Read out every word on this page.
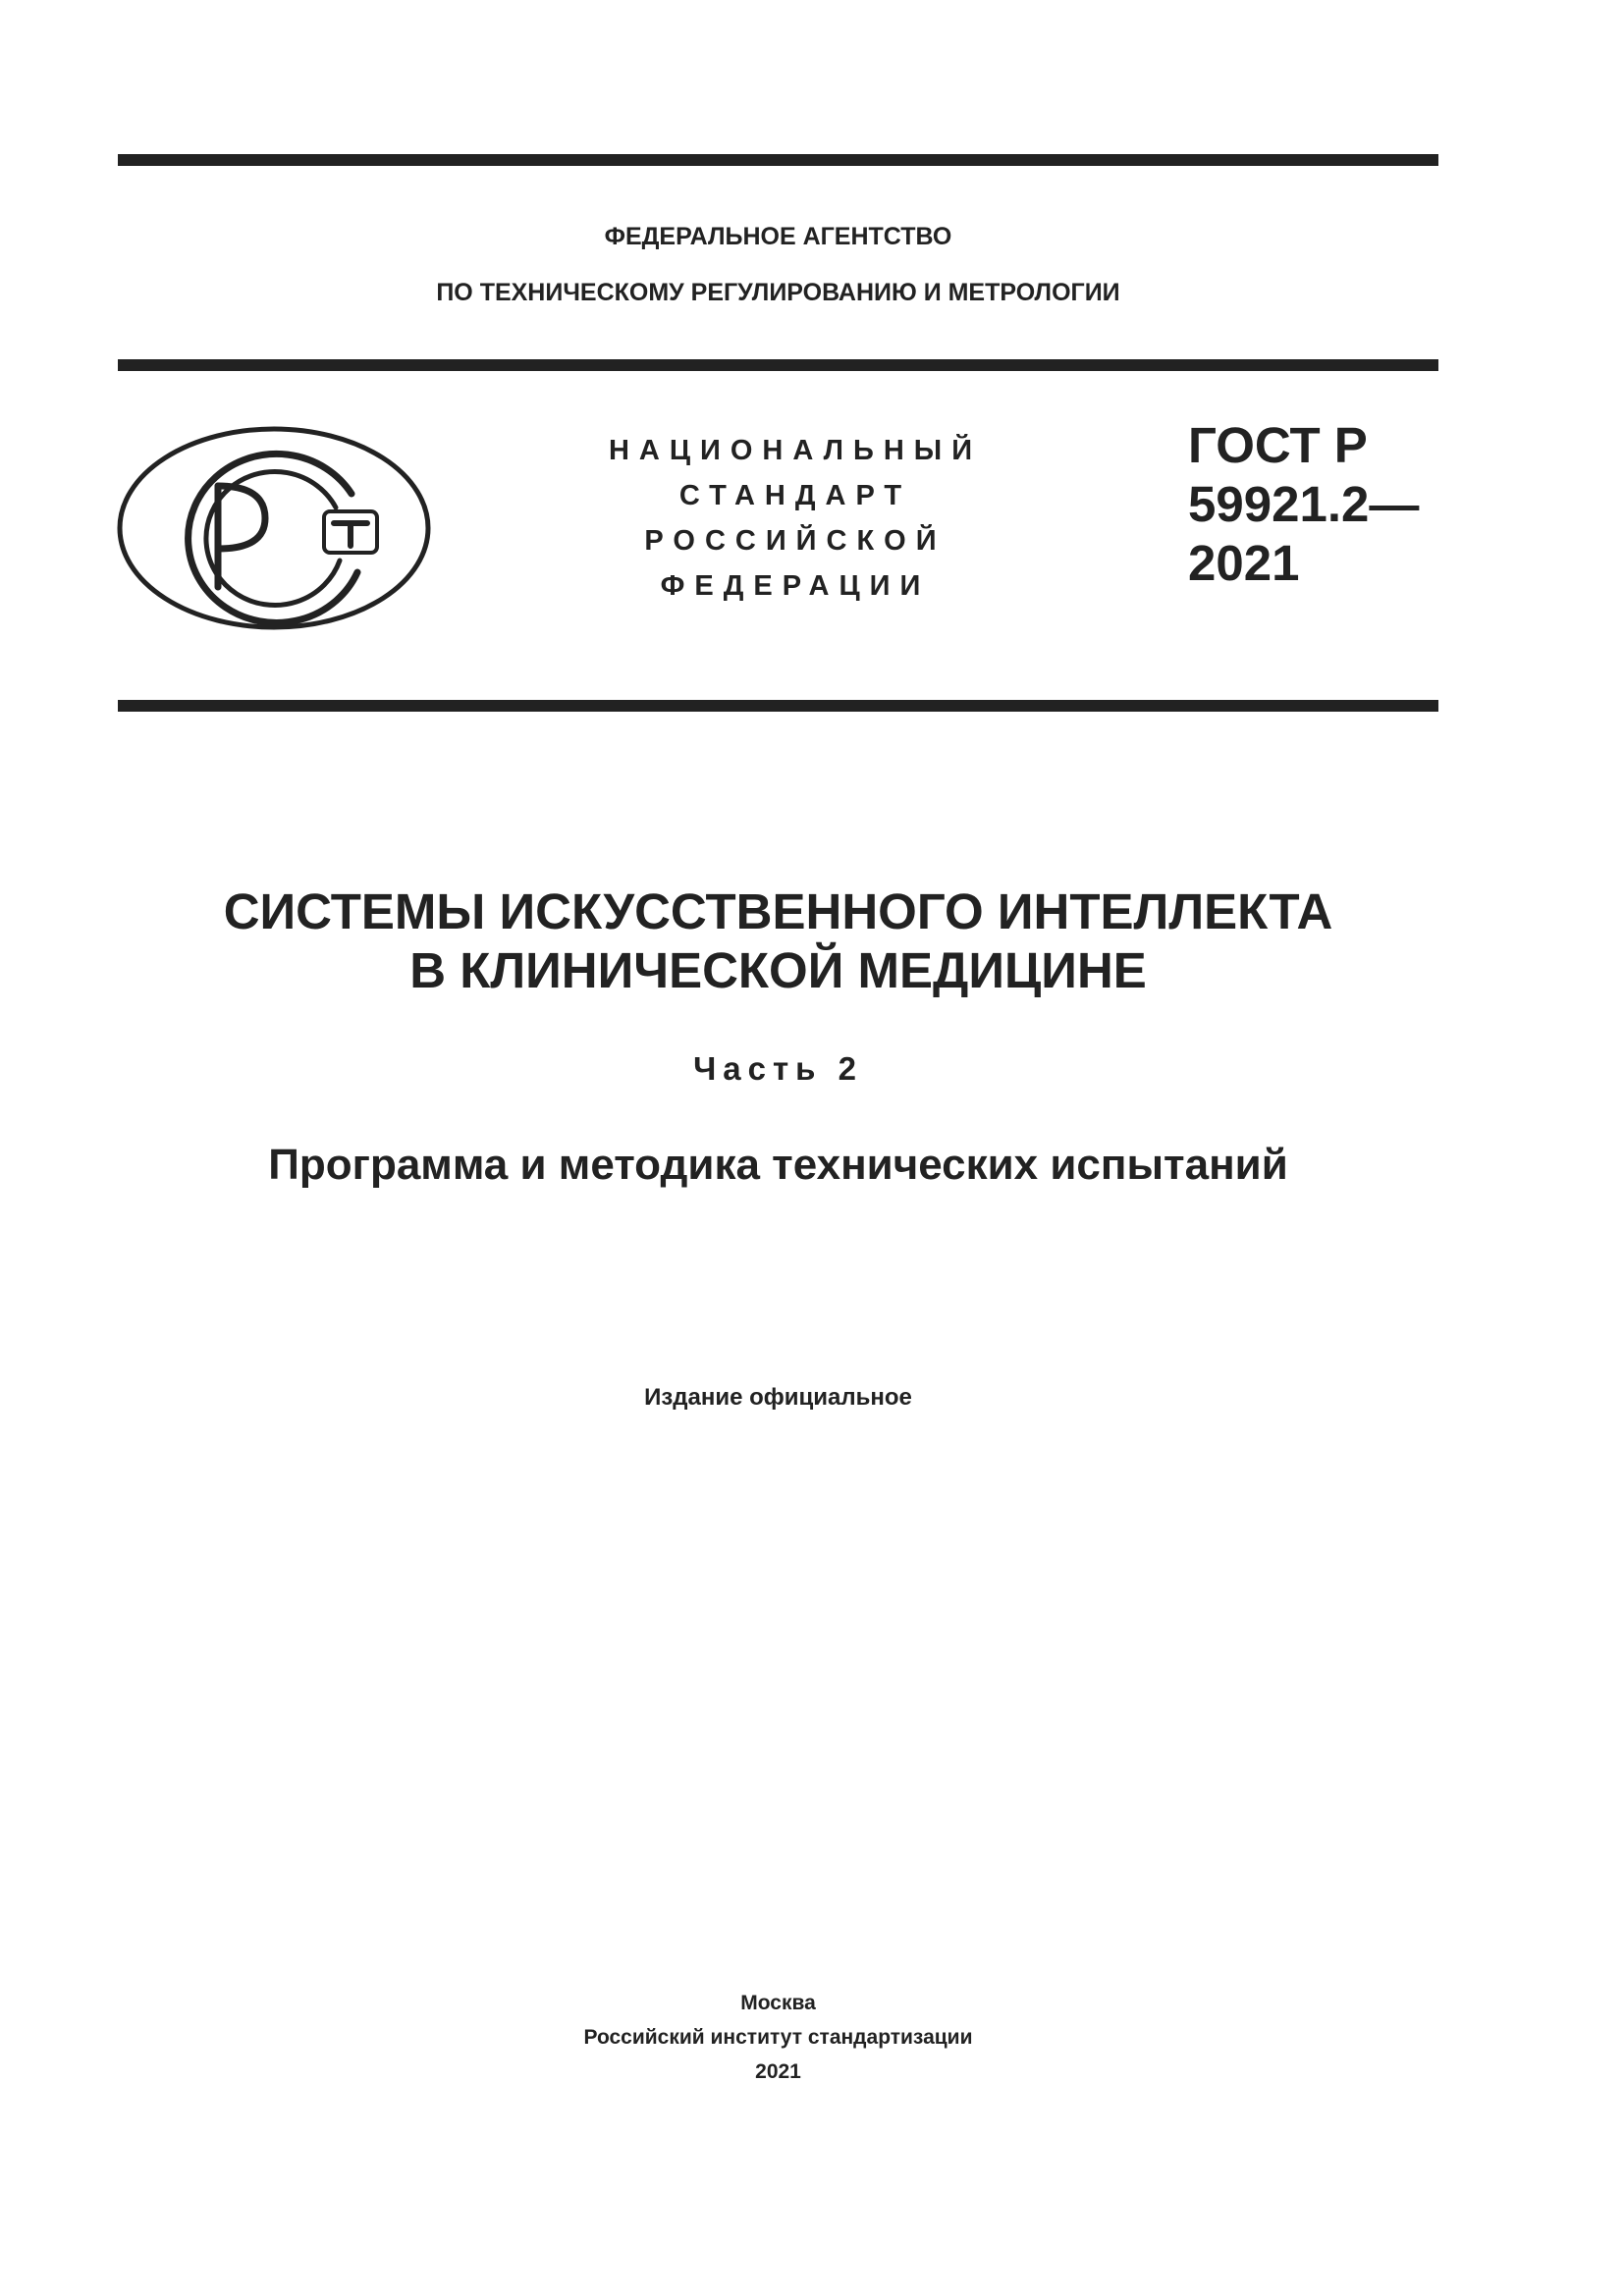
ФЕДЕРАЛЬНОЕ АГЕНТСТВО
ПО ТЕХНИЧЕСКОМУ РЕГУЛИРОВАНИЮ И МЕТРОЛОГИИ
НАЦИОНАЛЬНЫЙ
СТАНДАРТ
РОССИЙСКОЙ
ФЕДЕРАЦИИ
ГОСТ Р
59921.2—
2021
СИСТЕМЫ ИСКУССТВЕННОГО ИНТЕЛЛЕКТА
В КЛИНИЧЕСКОЙ МЕДИЦИНЕ
Часть 2
Программа и методика технических испытаний
Издание официальное
Москва
Российский институт стандартизации
2021
